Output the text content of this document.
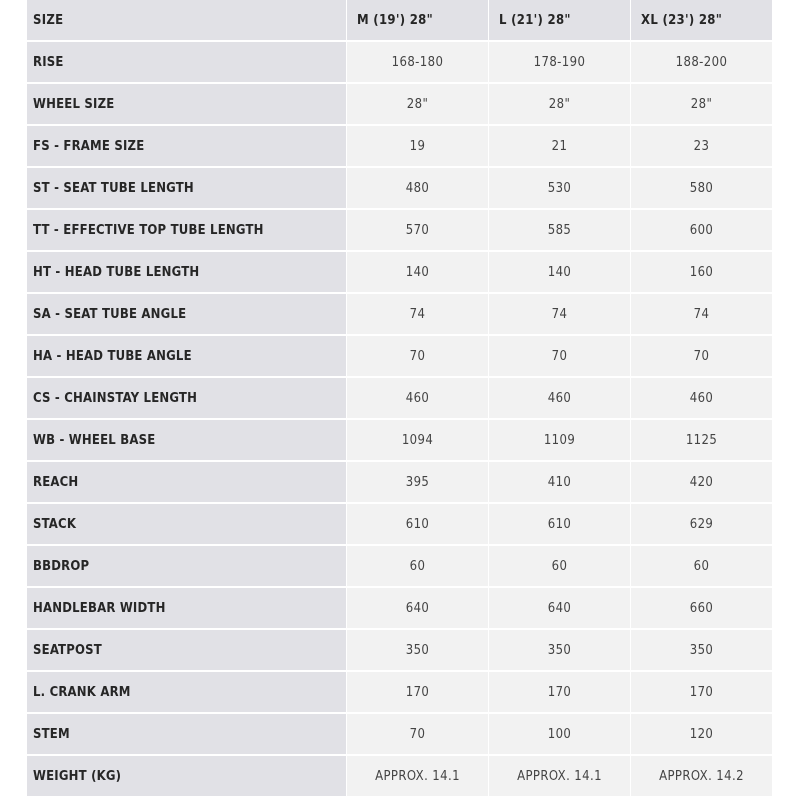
SIZE	M (19') 28"	L (21') 28"	XL (23') 28"
RISE	168-180	178-190	188-200
WHEEL SIZE	28"	28"	28"
FS - FRAME SIZE	19	21	23
ST - SEAT TUBE LENGTH	480	530	580
TT - EFFECTIVE TOP TUBE LENGTH	570	585	600
HT - HEAD TUBE LENGTH	140	140	160
SA - SEAT TUBE ANGLE	74	74	74
HA - HEAD TUBE ANGLE	70	70	70
CS - CHAINSTAY LENGTH	460	460	460
WB - WHEEL BASE	1094	1109	1125
REACH	395	410	420
STACK	610	610	629
BBDROP	60	60	60
HANDLEBAR WIDTH	640	640	660
SEATPOST	350	350	350
L. CRANK ARM	170	170	170
STEM	70	100	120
WEIGHT (KG)	APPROX. 14.1	APPROX. 14.1	APPROX. 14.2
